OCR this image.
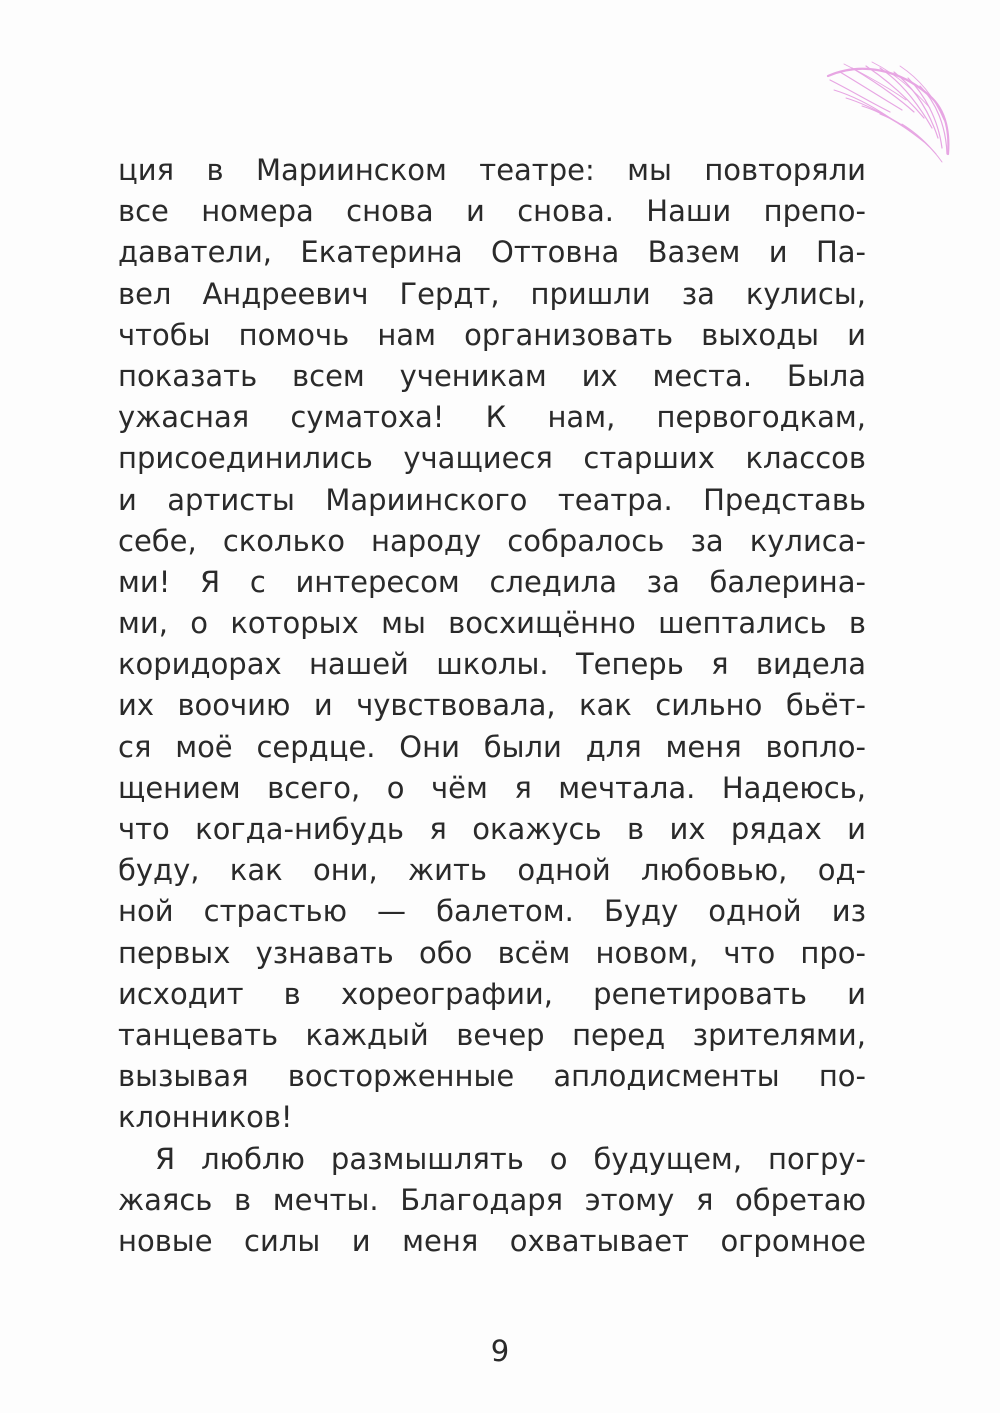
ция в Мариинском театре: мы повторяли
все номера снова и снова. Наши препо-
даватели, Екатерина Оттовна Вазем и Па-
вел Андреевич Гердт, пришли за кулисы,
чтобы помочь нам организовать выходы и
показать всем ученикам их места. Была
ужасная суматоха! К нам, первогодкам,
присоединились учащиеся старших классов
и артисты Мариинского театра. Представь
себе, сколько народу собралось за кулиса-
ми! Я с интересом следила за балерина-
ми, о которых мы восхищённо шептались в
коридорах нашей школы. Теперь я видела
их воочию и чувствовала, как сильно бьёт-
ся моё сердце. Они были для меня вопло-
щением всего, о чём я мечтала. Надеюсь,
что когда-нибудь я окажусь в их рядах и
буду, как они, жить одной любовью, од-
ной страстью — балетом. Буду одной из
первых узнавать обо всём новом, что про-
исходит в хореографии, репетировать и
танцевать каждый вечер перед зрителями,
вызывая восторженные аплодисменты по-
клонников!
Я люблю размышлять о будущем, погру-
жаясь в мечты. Благодаря этому я обретаю
новые силы и меня охватывает огромное
9
